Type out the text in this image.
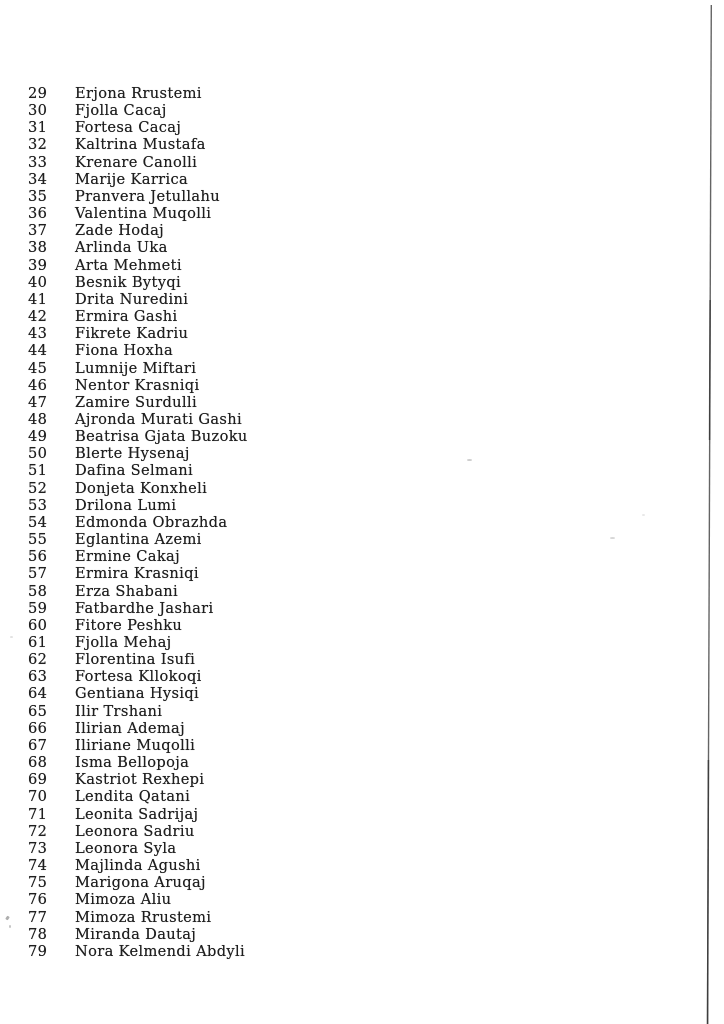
29	Erjona Rrustemi
30	Fjolla Cacaj
31	Fortesa Cacaj
32	Kaltrina Mustafa
33	Krenare Canolli
34	Marije Karrica
35	Pranvera Jetullahu
36	Valentina Muqolli
37	Zade Hodaj
38	Arlinda Uka
39	Arta Mehmeti
40	Besnik Bytyqi
41	Drita Nuredini
42	Ermira Gashi
43	Fikrete Kadriu
44	Fiona Hoxha
45	Lumnije Miftari
46	Nentor Krasniqi
47	Zamire Surdulli
48	Ajronda Murati Gashi
49	Beatrisa Gjata Buzoku
50	Blerte Hysenaj
51	Dafina Selmani
52	Donjeta Konxheli
53	Drilona Lumi
54	Edmonda Obrazhda
55	Eglantina Azemi
56	Ermine Cakaj
57	Ermira Krasniqi
58	Erza Shabani
59	Fatbardhe Jashari
60	Fitore Peshku
61	Fjolla Mehaj
62	Florentina Isufi
63	Fortesa Kllokoqi
64	Gentiana Hysiqi
65	Ilir Trshani
66	Ilirian Ademaj
67	Iliriane Muqolli
68	Isma Bellopoja
69	Kastriot Rexhepi
70	Lendita Qatani
71	Leonita Sadrijaj
72	Leonora Sadriu
73	Leonora Syla
74	Majlinda Agushi
75	Marigona Aruqaj
76	Mimoza Aliu
77	Mimoza Rrustemi
78	Miranda Dautaj
79	Nora Kelmendi Abdyli
